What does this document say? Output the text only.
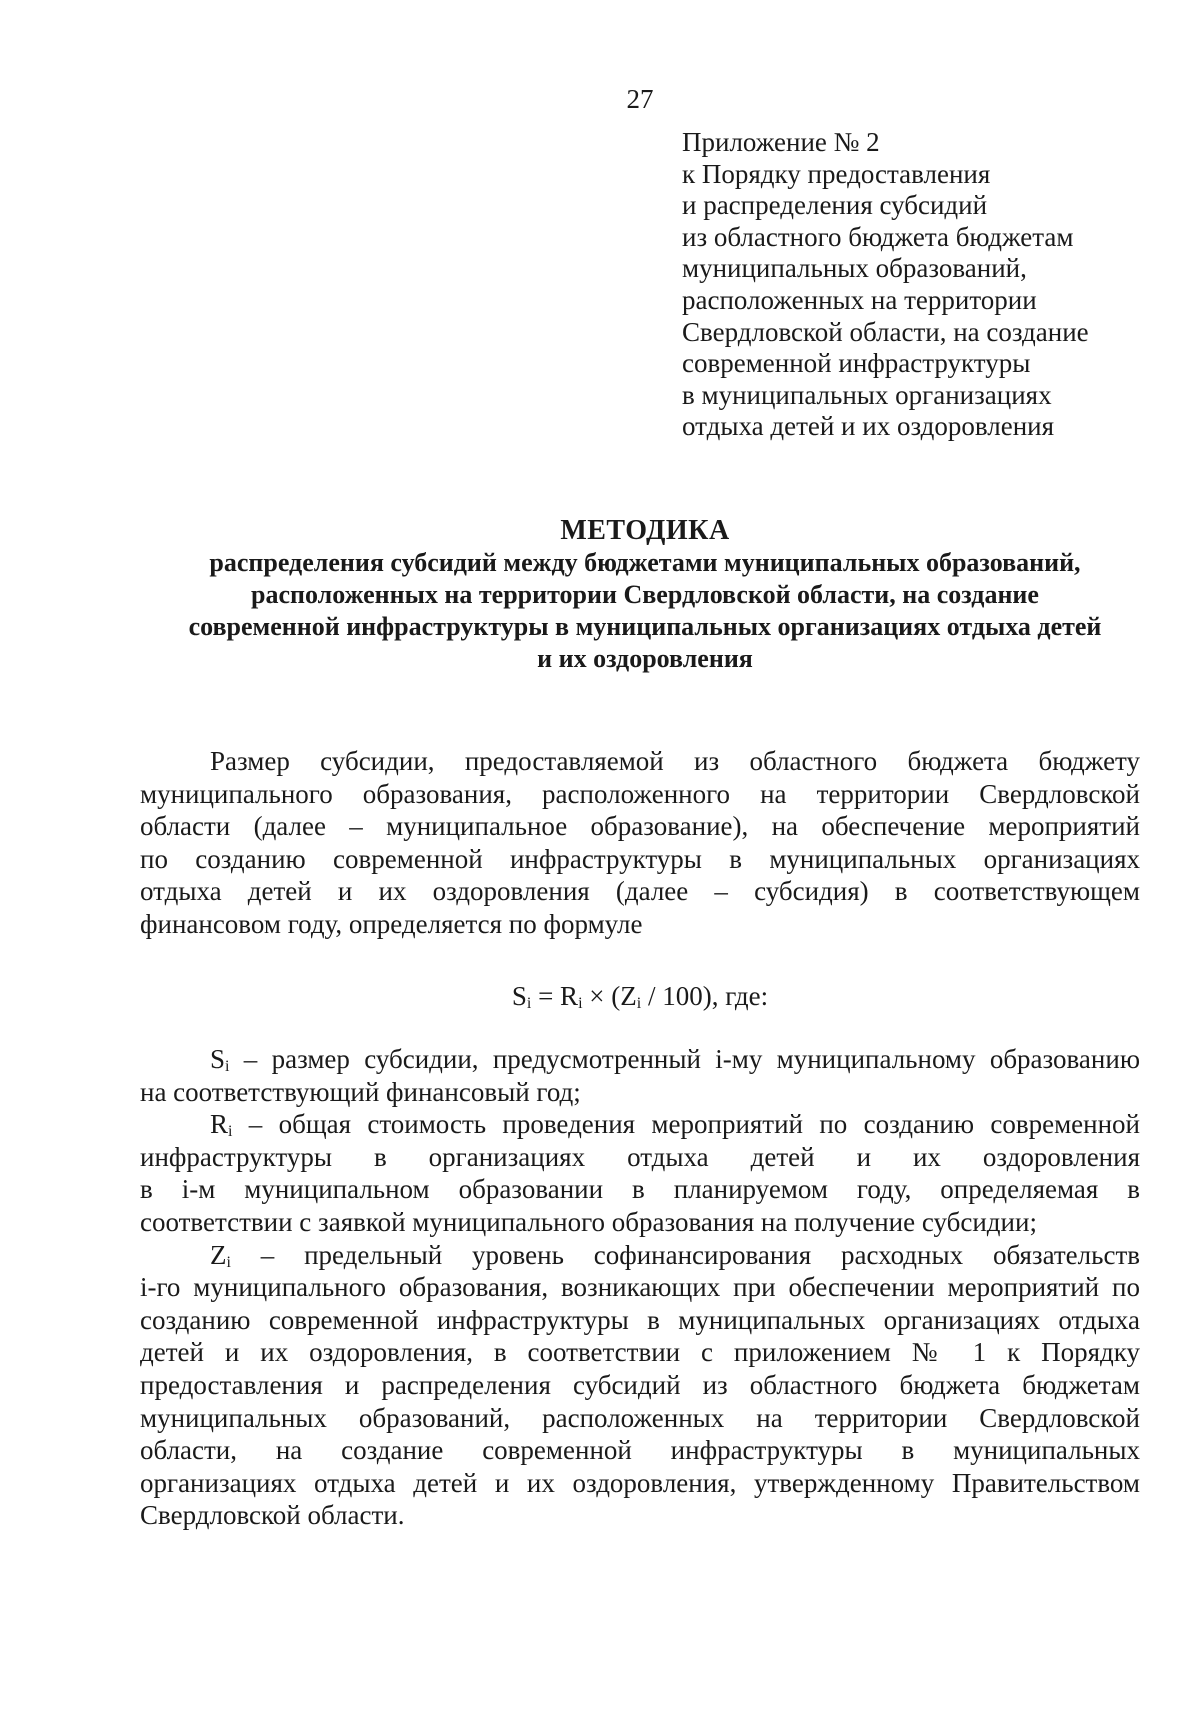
27
Приложение № 2
к Порядку предоставления
и распределения субсидий
из областного бюджета бюджетам
муниципальных образований,
расположенных на территории
Свердловской области, на создание
современной инфраструктуры
в муниципальных организациях
отдыха детей и их оздоровления
МЕТОДИКА
распределения субсидий между бюджетами муниципальных образований,
расположенных на территории Свердловской области, на создание
современной инфраструктуры в муниципальных организациях отдыха детей
и их оздоровления
Размер субсидии, предоставляемой из областного бюджета бюджету
муниципального образования, расположенного на территории Свердловской
области (далее – муниципальное образование), на обеспечение мероприятий
по созданию современной инфраструктуры в муниципальных организациях
отдыха детей и их оздоровления (далее – субсидия) в соответствующем
финансовом году, определяется по формуле
$S_i = R_i \times (Z_i / 100)$, где:
$S_i$ – размер субсидии, предусмотренный i-му муниципальному образованию
на соответствующий финансовый год;
$R_i$ – общая стоимость проведения мероприятий по созданию современной
инфраструктуры в организациях отдыха детей и их оздоровления
в i-м муниципальном образовании в планируемом году, определяемая в
соответствии с заявкой муниципального образования на получение субсидии;
$Z_i$ – предельный уровень софинансирования расходных обязательств
i-го муниципального образования, возникающих при обеспечении мероприятий по
созданию современной инфраструктуры в муниципальных организациях отдыха
детей и их оздоровления, в соответствии с приложением № 1 к Порядку
предоставления и распределения субсидий из областного бюджета бюджетам
муниципальных образований, расположенных на территории Свердловской
области, на создание современной инфраструктуры в муниципальных
организациях отдыха детей и их оздоровления, утвержденному Правительством
Свердловской области.
